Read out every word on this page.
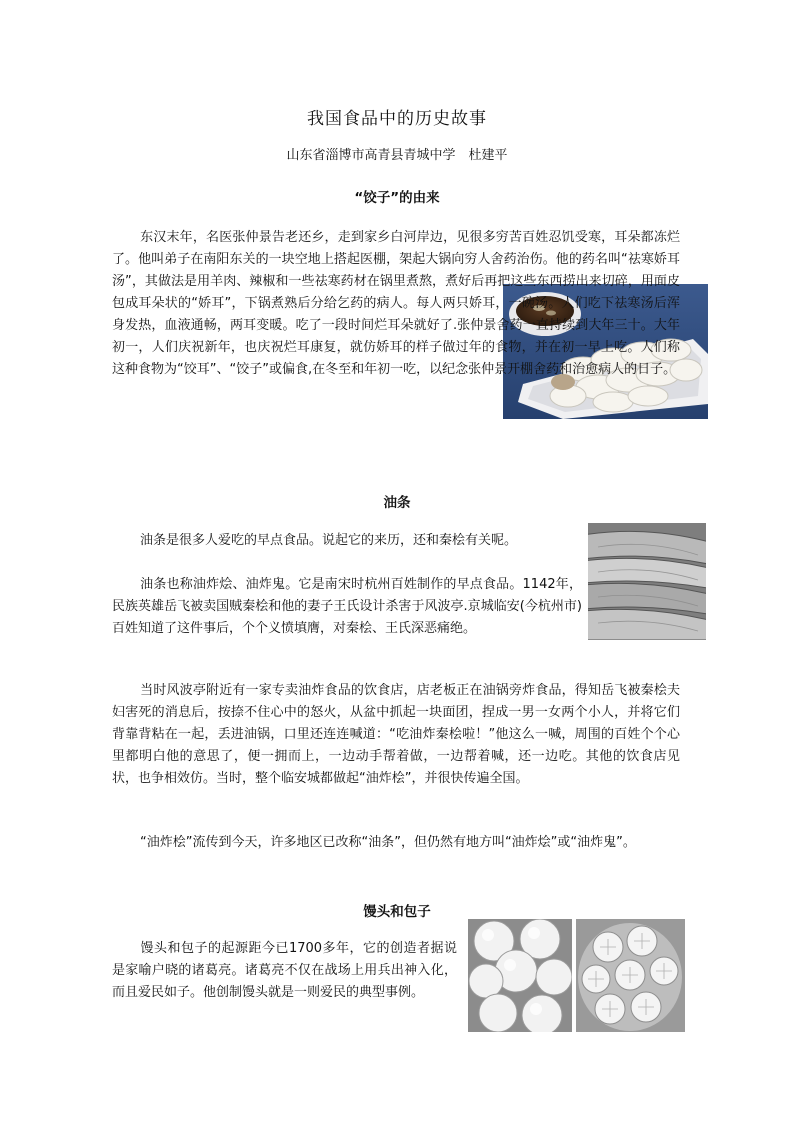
我国食品中的历史故事
山东省淄博市高青县青城中学　杜建平
“饺子”的由来
东汉末年，名医张仲景告老还乡，走到家乡白河岸边，见很多穷苦百姓忍饥受寒，耳朵都冻烂了。他叫弟子在南阳东关的一块空地上搭起医棚，架起大锅向穷人舍药治伤。他的药名叫“祛寒娇耳汤”，其做法是用羊肉、辣椒和一些祛寒药材在锅里煮熬，煮好后再把这些东西捞出来切碎，用面皮包成耳朵状的“娇耳”，下锅煮熟后分给乞药的病人。每人两只娇耳，一碗汤。人们吃下祛寒汤后浑身发热，血液通畅，两耳变暖。吃了一段时间烂耳朵就好了.张仲景舍药一直持续到大年三十。大年初一，人们庆祝新年，也庆祝烂耳康复，就仿娇耳的样子做过年的食物，并在初一早上吃。人们称这种食物为“饺耳”、“饺子”或偏食,在冬至和年初一吃，以纪念张仲景开棚舍药和治愈病人的日子。
油条
油条是很多人爱吃的早点食品。说起它的来历，还和秦桧有关呢。
油条也称油炸烩、油炸鬼。它是南宋时杭州百姓制作的早点食品。1142年，民族英雄岳飞被卖国贼秦桧和他的妻子王氏设计杀害于风波亭.京城临安(今杭州市)百姓知道了这件事后，个个义愤填膺，对秦桧、王氏深恶痛绝。
当时风波亭附近有一家专卖油炸食品的饮食店，店老板正在油锅旁炸食品，得知岳飞被秦桧夫妇害死的消息后，按捺不住心中的怒火，从盆中抓起一块面团，捏成一男一女两个小人，并将它们背靠背粘在一起，丢进油锅，口里还连连喊道：“吃油炸秦桧啦！”他这么一喊，周围的百姓个个心里都明白他的意思了，便一拥而上，一边动手帮着做，一边帮着喊，还一边吃。其他的饮食店见状，也争相效仿。当时，整个临安城都做起“油炸桧”，并很快传遍全国。
“油炸桧”流传到今天，许多地区已改称“油条”，但仍然有地方叫“油炸烩”或“油炸鬼”。
馒头和包子
馒头和包子的起源距今已1700多年，它的创造者据说是家喻户晓的诸葛亮。诸葛亮不仅在战场上用兵出神入化，而且爱民如子。他创制馒头就是一则爱民的典型事例。
